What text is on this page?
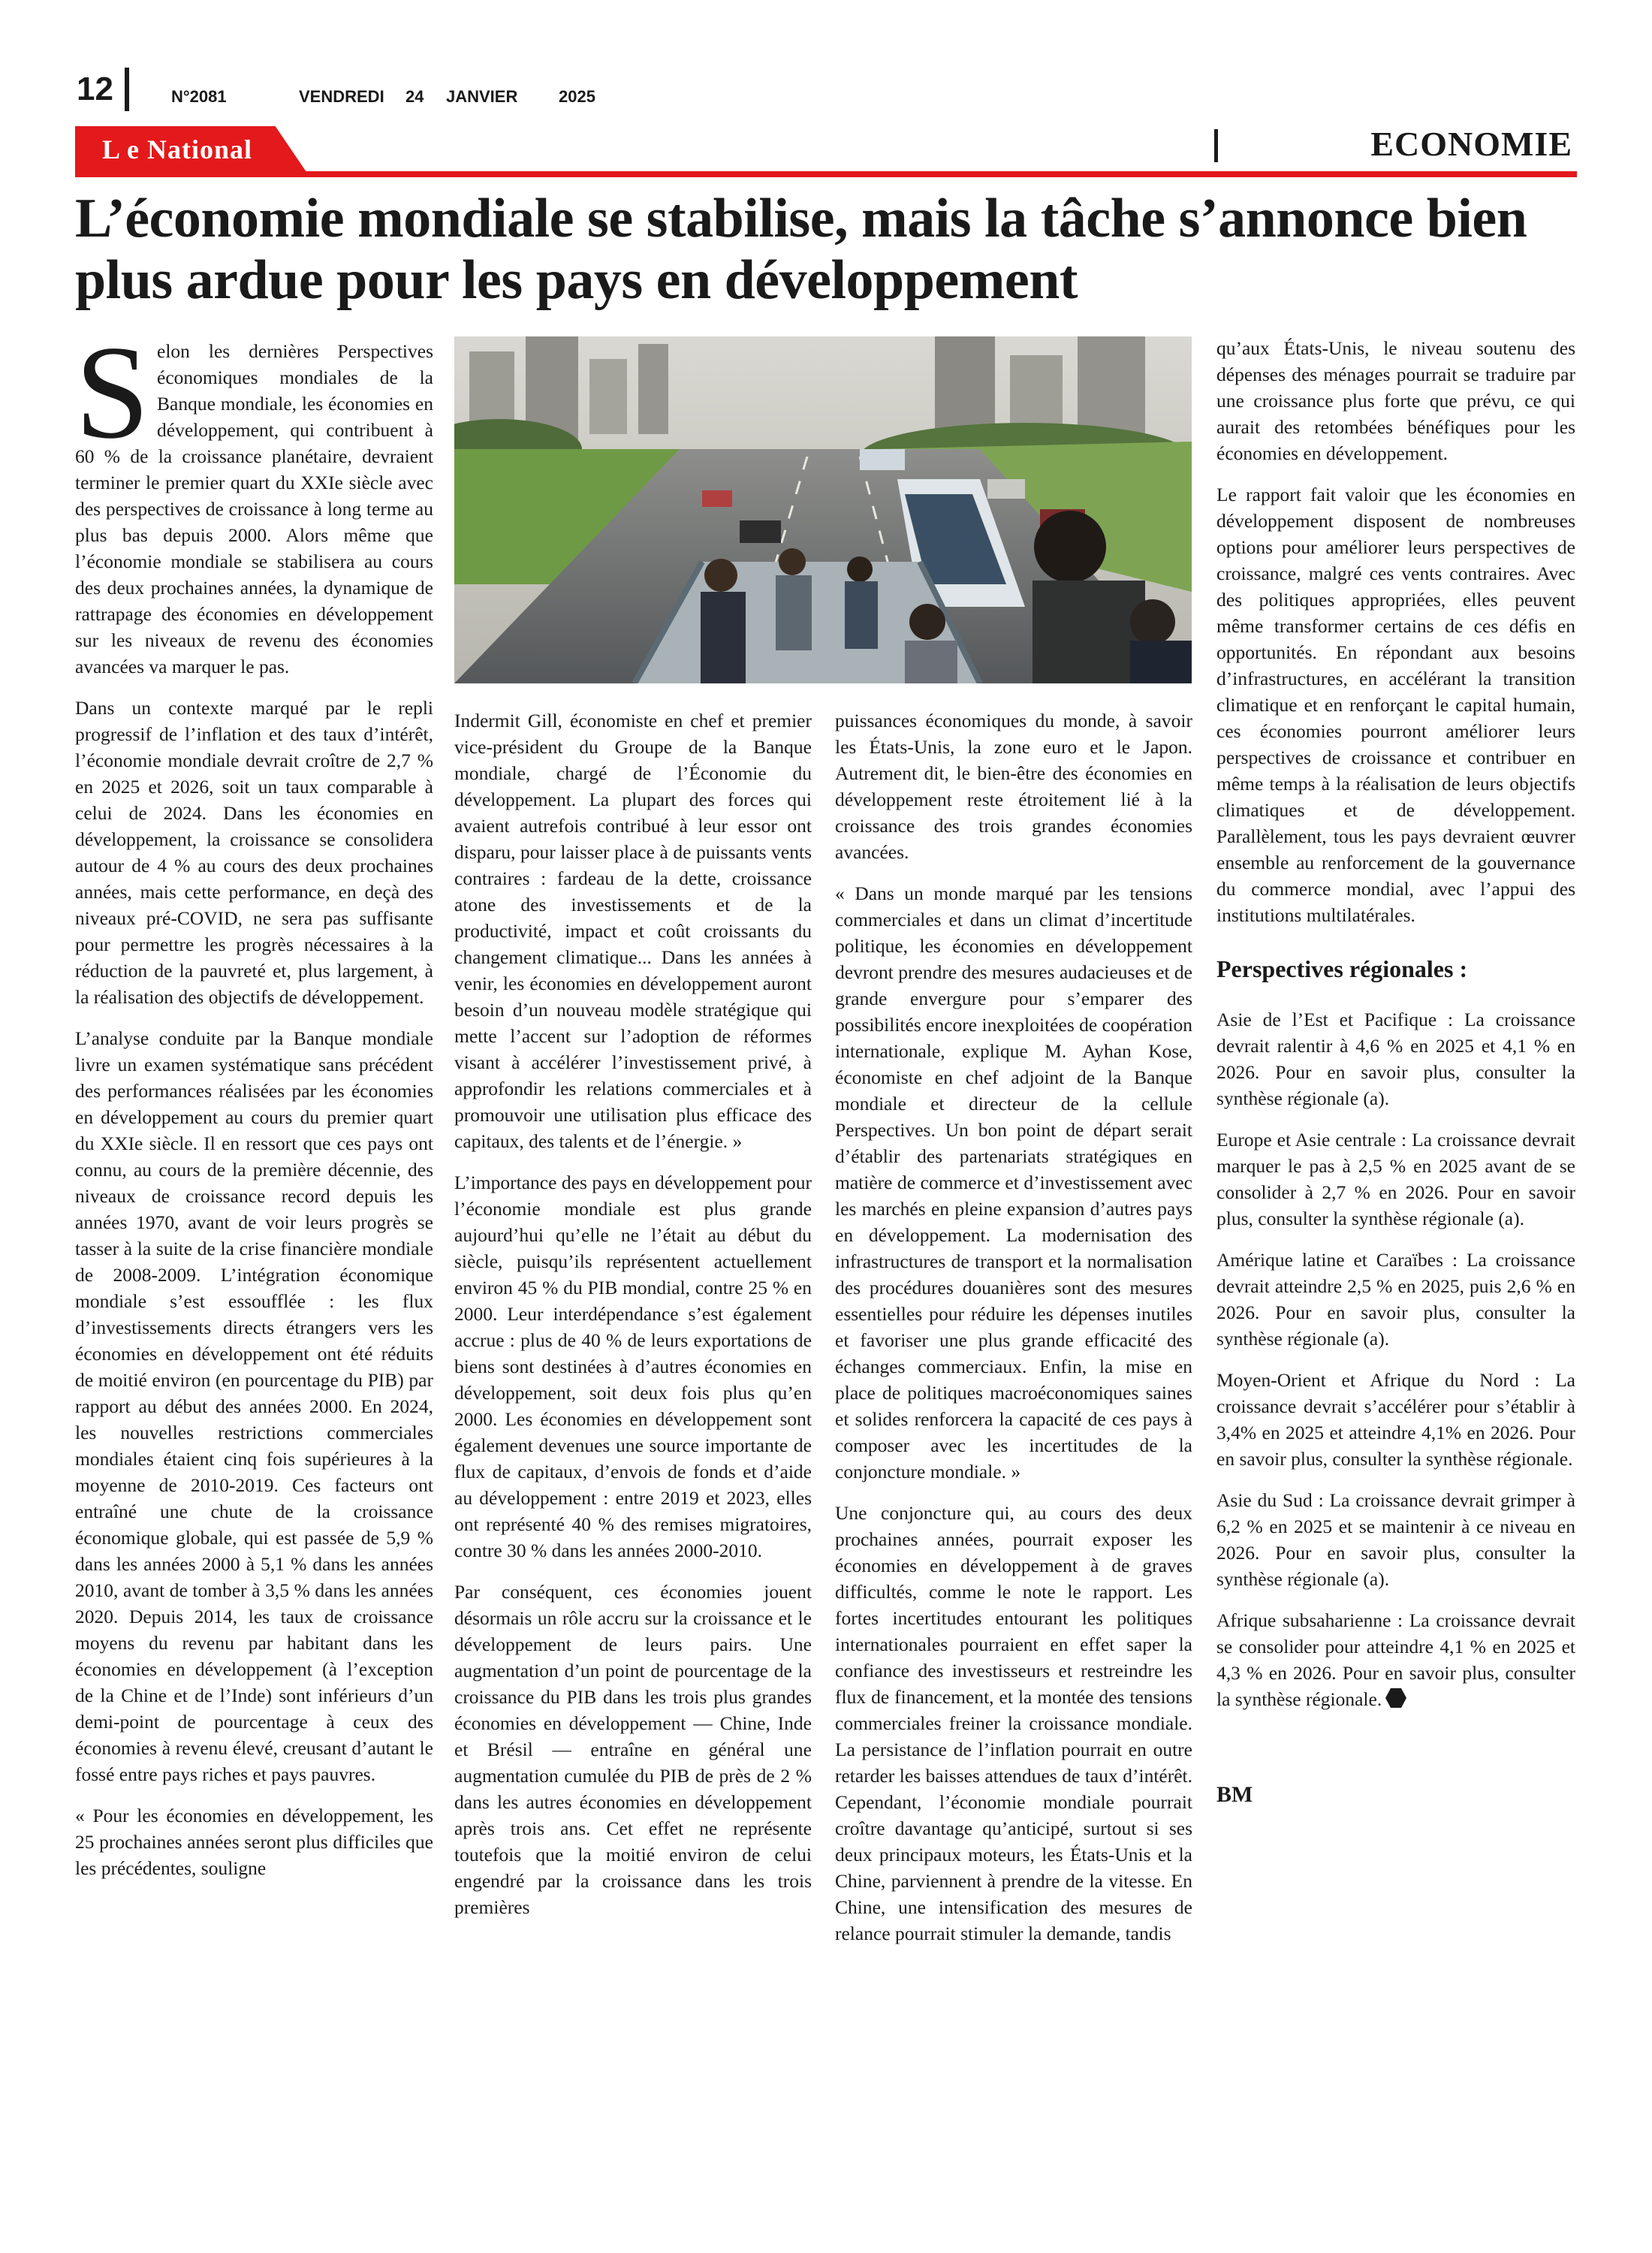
12	N°2081	VENDREDI 24 JANVIER 2025
L e National	ECONOMIE
L’économie mondiale se stabilise, mais la tâche s’annonce bien plus ardue pour les pays en développement

Selon les dernières Perspectives économiques mondiales de la Banque mondiale, les économies en développement, qui contribuent à 60 % de la croissance planétaire, devraient terminer le premier quart du XXIe siècle avec des perspectives de croissance à long terme au plus bas depuis 2000. Alors même que l’économie mondiale se stabilisera au cours des deux prochaines années, la dynamique de rattrapage des économies en développement sur les niveaux de revenu des économies avancées va marquer le pas.

Dans un contexte marqué par le repli progressif de l’inflation et des taux d’intérêt, l’économie mondiale devrait croître de 2,7 % en 2025 et 2026, soit un taux comparable à celui de 2024. Dans les économies en développement, la croissance se consolidera autour de 4 % au cours des deux prochaines années, mais cette performance, en deçà des niveaux pré-COVID, ne sera pas suffisante pour permettre les progrès nécessaires à la réduction de la pauvreté et, plus largement, à la réalisation des objectifs de développement.

L’analyse conduite par la Banque mondiale livre un examen systématique sans précédent des performances réalisées par les économies en développement au cours du premier quart du XXIe siècle. Il en ressort que ces pays ont connu, au cours de la première décennie, des niveaux de croissance record depuis les années 1970, avant de voir leurs progrès se tasser à la suite de la crise financière mondiale de 2008-2009. L’intégration économique mondiale s’est essoufflée : les flux d’investissements directs étrangers vers les économies en développement ont été réduits de moitié environ (en pourcentage du PIB) par rapport au début des années 2000. En 2024, les nouvelles restrictions commerciales mondiales étaient cinq fois supérieures à la moyenne de 2010-2019. Ces facteurs ont entraîné une chute de la croissance économique globale, qui est passée de 5,9 % dans les années 2000 à 5,1 % dans les années 2010, avant de tomber à 3,5 % dans les années 2020. Depuis 2014, les taux de croissance moyens du revenu par habitant dans les économies en développement (à l’exception de la Chine et de l’Inde) sont inférieurs d’un demi-point de pourcentage à ceux des économies à revenu élevé, creusant d’autant le fossé entre pays riches et pays pauvres.

« Pour les économies en développement, les 25 prochaines années seront plus difficiles que les précédentes, souligne

Indermit Gill, économiste en chef et premier vice-président du Groupe de la Banque mondiale, chargé de l’Économie du développement. La plupart des forces qui avaient autrefois contribué à leur essor ont disparu, pour laisser place à de puissants vents contraires : fardeau de la dette, croissance atone des investissements et de la productivité, impact et coût croissants du changement climatique... Dans les années à venir, les économies en développement auront besoin d’un nouveau modèle stratégique qui mette l’accent sur l’adoption de réformes visant à accélérer l’investissement privé, à approfondir les relations commerciales et à promouvoir une utilisation plus efficace des capitaux, des talents et de l’énergie. »

L’importance des pays en développement pour l’économie mondiale est plus grande aujourd’hui qu’elle ne l’était au début du siècle, puisqu’ils représentent actuellement environ 45 % du PIB mondial, contre 25 % en 2000. Leur interdépendance s’est également accrue : plus de 40 % de leurs exportations de biens sont destinées à d’autres économies en développement, soit deux fois plus qu’en 2000. Les économies en développement sont également devenues une source importante de flux de capitaux, d’envois de fonds et d’aide au développement : entre 2019 et 2023, elles ont représenté 40 % des remises migratoires, contre 30 % dans les années 2000-2010.

Par conséquent, ces économies jouent désormais un rôle accru sur la croissance et le développement de leurs pairs. Une augmentation d’un point de pourcentage de la croissance du PIB dans les trois plus grandes économies en développement — Chine, Inde et Brésil — entraîne en général une augmentation cumulée du PIB de près de 2 % dans les autres économies en développement après trois ans. Cet effet ne représente toutefois que la moitié environ de celui engendré par la croissance dans les trois premières

puissances économiques du monde, à savoir les États-Unis, la zone euro et le Japon. Autrement dit, le bien-être des économies en développement reste étroitement lié à la croissance des trois grandes économies avancées.

« Dans un monde marqué par les tensions commerciales et dans un climat d’incertitude politique, les économies en développement devront prendre des mesures audacieuses et de grande envergure pour s’emparer des possibilités encore inexploitées de coopération internationale, explique M. Ayhan Kose, économiste en chef adjoint de la Banque mondiale et directeur de la cellule Perspectives. Un bon point de départ serait d’établir des partenariats stratégiques en matière de commerce et d’investissement avec les marchés en pleine expansion d’autres pays en développement. La modernisation des infrastructures de transport et la normalisation des procédures douanières sont des mesures essentielles pour réduire les dépenses inutiles et favoriser une plus grande efficacité des échanges commerciaux. Enfin, la mise en place de politiques macroéconomiques saines et solides renforcera la capacité de ces pays à composer avec les incertitudes de la conjoncture mondiale. »

Une conjoncture qui, au cours des deux prochaines années, pourrait exposer les économies en développement à de graves difficultés, comme le note le rapport. Les fortes incertitudes entourant les politiques internationales pourraient en effet saper la confiance des investisseurs et restreindre les flux de financement, et la montée des tensions commerciales freiner la croissance mondiale. La persistance de l’inflation pourrait en outre retarder les baisses attendues de taux d’intérêt. Cependant, l’économie mondiale pourrait croître davantage qu’anticipé, surtout si ses deux principaux moteurs, les États-Unis et la Chine, parviennent à prendre de la vitesse. En Chine, une intensification des mesures de relance pourrait stimuler la demande, tandis

qu’aux États-Unis, le niveau soutenu des dépenses des ménages pourrait se traduire par une croissance plus forte que prévu, ce qui aurait des retombées bénéfiques pour les économies en développement.

Le rapport fait valoir que les économies en développement disposent de nombreuses options pour améliorer leurs perspectives de croissance, malgré ces vents contraires. Avec des politiques appropriées, elles peuvent même transformer certains de ces défis en opportunités. En répondant aux besoins d’infrastructures, en accélérant la transition climatique et en renforçant le capital humain, ces économies pourront améliorer leurs perspectives de croissance et contribuer en même temps à la réalisation de leurs objectifs climatiques et de développement. Parallèlement, tous les pays devraient œuvrer ensemble au renforcement de la gouvernance du commerce mondial, avec l’appui des institutions multilatérales.

Perspectives régionales :

Asie de l’Est et Pacifique : La croissance devrait ralentir à 4,6 % en 2025 et 4,1 % en 2026. Pour en savoir plus, consulter la synthèse régionale (a).

Europe et Asie centrale : La croissance devrait marquer le pas à 2,5 % en 2025 avant de se consolider à 2,7 % en 2026. Pour en savoir plus, consulter la synthèse régionale (a).

Amérique latine et Caraïbes : La croissance devrait atteindre 2,5 % en 2025, puis 2,6 % en 2026. Pour en savoir plus, consulter la synthèse régionale (a).

Moyen-Orient et Afrique du Nord : La croissance devrait s’accélérer pour s’établir à 3,4% en 2025 et atteindre 4,1% en 2026. Pour en savoir plus, consulter la synthèse régionale.

Asie du Sud : La croissance devrait grimper à 6,2 % en 2025 et se maintenir à ce niveau en 2026. Pour en savoir plus, consulter la synthèse régionale (a).

Afrique subsaharienne : La croissance devrait se consolider pour atteindre 4,1 % en 2025 et 4,3 % en 2026. Pour en savoir plus, consulter la synthèse régionale.

BM
